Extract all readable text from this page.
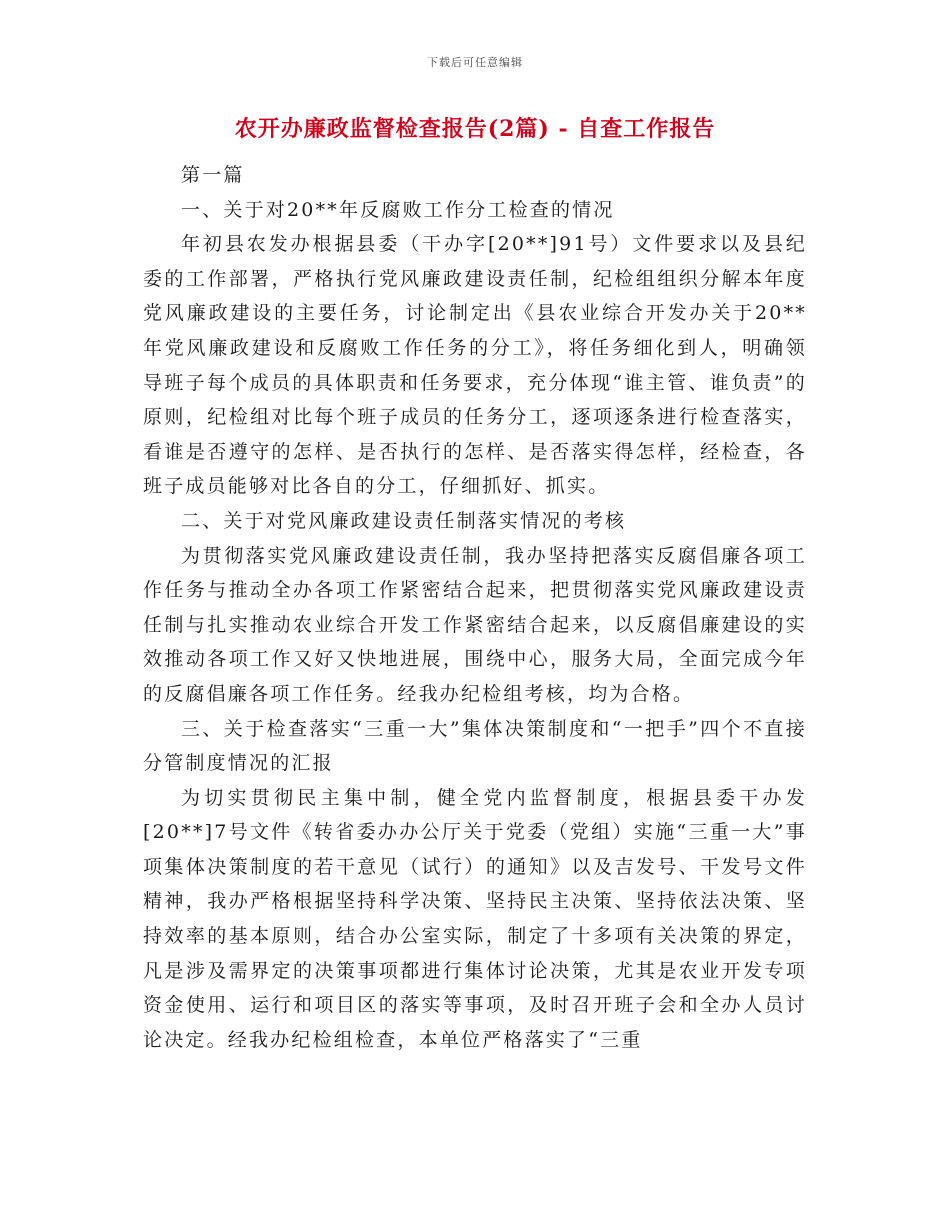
下载后可任意编辑
农开办廉政监督检查报告(2篇) - 自查工作报告

第一篇

一、关于对20**年反腐败工作分工检查的情况

年初县农发办根据县委（干办字[20**]91号）文件要求以及县纪委的工作部署，严格执行党风廉政建设责任制，纪检组组织分解本年度党风廉政建设的主要任务，讨论制定出《县农业综合开发办关于20**年党风廉政建设和反腐败工作任务的分工》，将任务细化到人，明确领导班子每个成员的具体职责和任务要求，充分体现“谁主管、谁负责”的原则，纪检组对比每个班子成员的任务分工，逐项逐条进行检查落实，看谁是否遵守的怎样、是否执行的怎样、是否落实得怎样，经检查，各班子成员能够对比各自的分工，仔细抓好、抓实。

二、关于对党风廉政建设责任制落实情况的考核

为贯彻落实党风廉政建设责任制，我办坚持把落实反腐倡廉各项工作任务与推动全办各项工作紧密结合起来，把贯彻落实党风廉政建设责任制与扎实推动农业综合开发工作紧密结合起来，以反腐倡廉建设的实效推动各项工作又好又快地进展，围绕中心，服务大局，全面完成今年的反腐倡廉各项工作任务。经我办纪检组考核，均为合格。

三、关于检查落实“三重一大”集体决策制度和“一把手”四个不直接分管制度情况的汇报

为切实贯彻民主集中制，健全党内监督制度，根据县委干办发[20**]7号文件《转省委办办公厅关于党委（党组）实施“三重一大”事项集体决策制度的若干意见（试行）的通知》以及吉发号、干发号文件精神，我办严格根据坚持科学决策、坚持民主决策、坚持依法决策、坚持效率的基本原则，结合办公室实际，制定了十多项有关决策的界定，凡是涉及需界定的决策事项都进行集体讨论决策，尤其是农业开发专项资金使用、运行和项目区的落实等事项，及时召开班子会和全办人员讨论决定。经我办纪检组检查，本单位严格落实了“三重
